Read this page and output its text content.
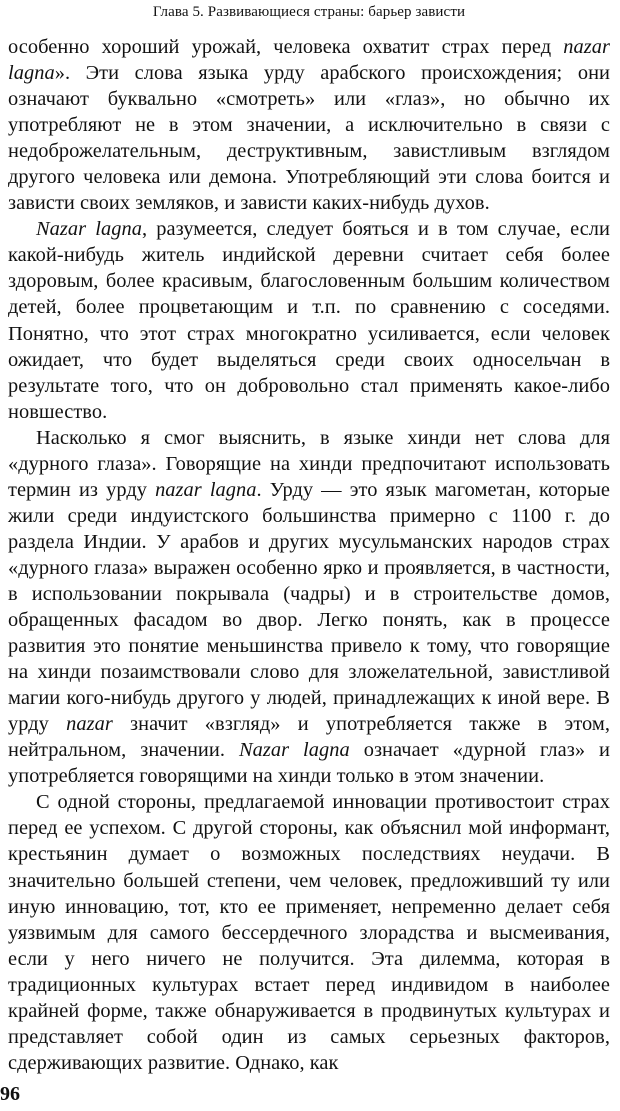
Глава 5. Развивающиеся страны: барьер зависти

особенно хороший урожай, человека охватит страх перед nazar lagna». Эти слова языка урду арабского происхождения; они означают буквально «смотреть» или «глаз», но обычно их употребляют не в этом значении, а исключительно в связи с недоброжелательным, деструктивным, завистливым взглядом другого человека или демона. Употребляющий эти слова боится и зависти своих земляков, и зависти каких-нибудь духов.

Nazar lagna, разумеется, следует бояться и в том случае, если какой-нибудь житель индийской деревни считает себя более здоровым, более красивым, благословенным большим количеством детей, более процветающим и т.п. по сравнению с соседями. Понятно, что этот страх многократно усиливается, если человек ожидает, что будет выделяться среди своих односельчан в результате того, что он добровольно стал применять какое-либо новшество.

Насколько я смог выяснить, в языке хинди нет слова для «дурного глаза». Говорящие на хинди предпочитают использовать термин из урду nazar lagna. Урду — это язык магометан, которые жили среди индуистского большинства примерно с 1100 г. до раздела Индии. У арабов и других мусульманских народов страх «дурного глаза» выражен особенно ярко и проявляется, в частности, в использовании покрывала (чадры) и в строительстве домов, обращенных фасадом во двор. Легко понять, как в процессе развития это понятие меньшинства привело к тому, что говорящие на хинди позаимствовали слово для зложелательной, завистливой магии кого-нибудь другого у людей, принадлежащих к иной вере. В урду nazar значит «взгляд» и употребляется также в этом, нейтральном, значении. Nazar lagna означает «дурной глаз» и употребляется говорящими на хинди только в этом значении.

С одной стороны, предлагаемой инновации противостоит страх перед ее успехом. С другой стороны, как объяснил мой информант, крестьянин думает о возможных последствиях неудачи. В значительно большей степени, чем человек, предложивший ту или иную инновацию, тот, кто ее применяет, непременно делает себя уязвимым для самого бессердечного злорадства и высмеивания, если у него ничего не получится. Эта дилемма, которая в традиционных культурах встает перед индивидом в наиболее крайней форме, также обнаруживается в продвинутых культурах и представляет собой один из самых серьезных факторов, сдерживающих развитие. Однако, как

96
